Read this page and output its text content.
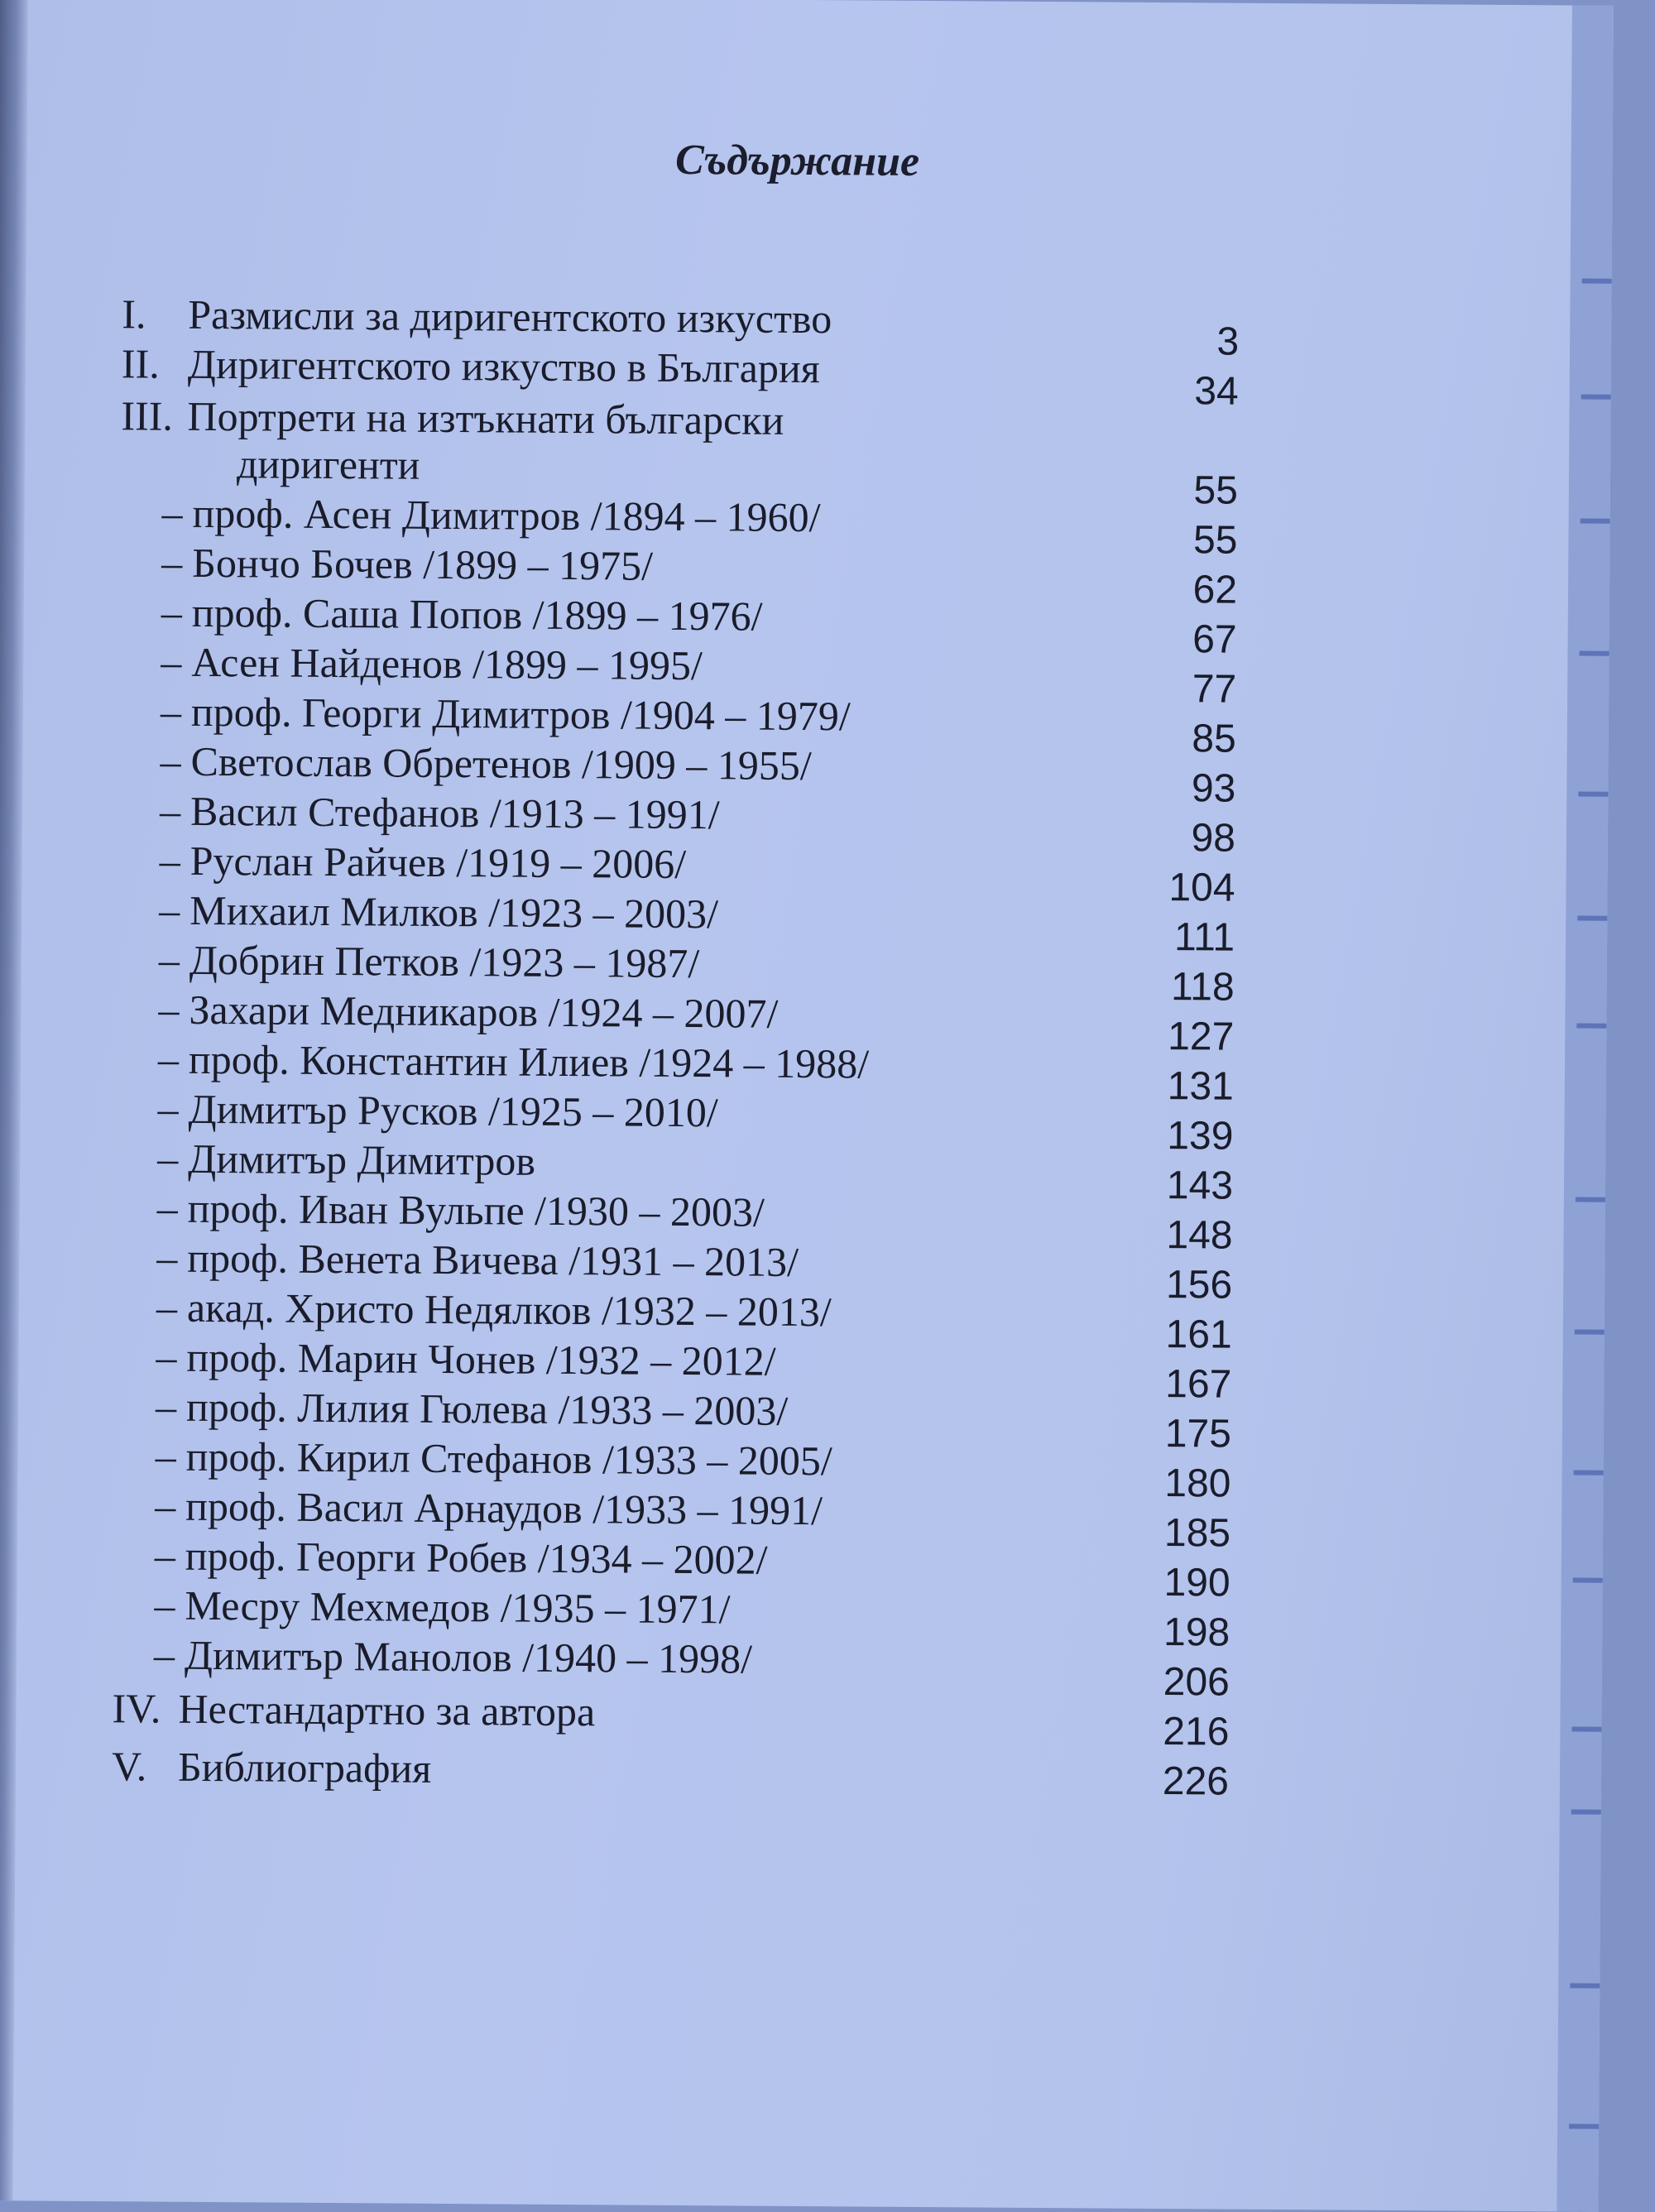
Съдържание
I. Размисли за диригентското изкуство
II. Диригентското изкуство в България
III. Портрети на изтъкнати български
диригенти
– проф. Асен Димитров /1894 – 1960/
– Бончо Бочев /1899 – 1975/
– проф. Саша Попов /1899 – 1976/
– Асен Найденов /1899 – 1995/
– проф. Георги Димитров /1904 – 1979/
– Светослав Обретенов /1909 – 1955/
– Васил Стефанов /1913 – 1991/
– Руслан Райчев /1919 – 2006/
– Михаил Милков /1923 – 2003/
– Добрин Петков /1923 – 1987/
– Захари Медникаров /1924 – 2007/
– проф. Константин Илиев /1924 – 1988/
– Димитър Русков /1925 – 2010/
– Димитър Димитров
– проф. Иван Вульпе /1930 – 2003/
– проф. Венета Вичева /1931 – 2013/
– акад. Христо Недялков /1932 – 2013/
– проф. Марин Чонев /1932 – 2012/
– проф. Лилия Гюлева /1933 – 2003/
– проф. Кирил Стефанов /1933 – 2005/
– проф. Васил Арнаудов /1933 – 1991/
– проф. Георги Робев /1934 – 2002/
– Месру Мехмедов /1935 – 1971/
– Димитър Манолов /1940 – 1998/
IV. Нестандартно за автора
V. Библиография
3
34
55
55
62
67
77
85
93
98
104
111
118
127
131
139
143
148
156
161
167
175
180
185
190
198
206
216
226
